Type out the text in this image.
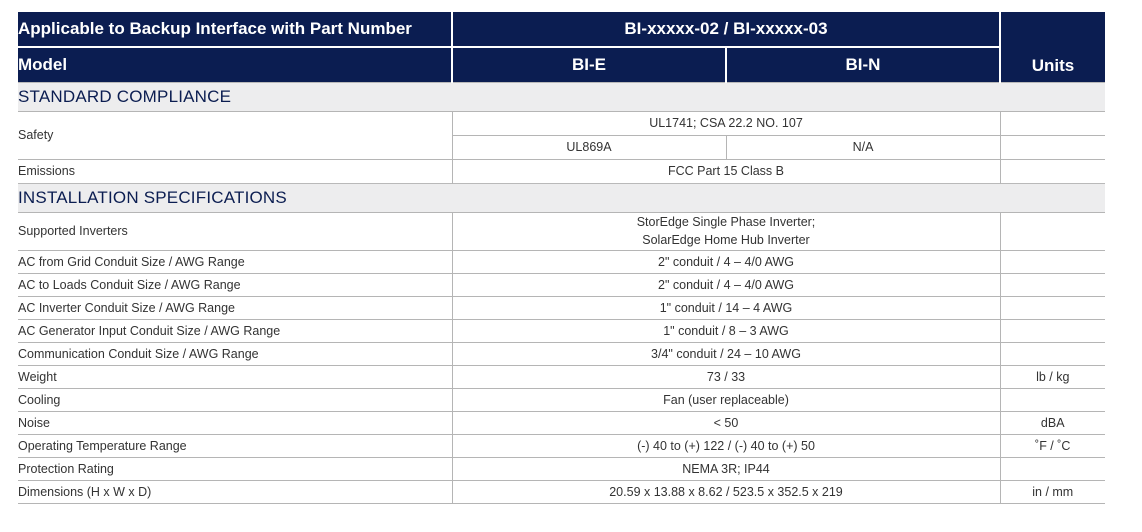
Applicable to Backup Interface with Part Number	BI-xxxxx-02 / BI-xxxxx-03		Units
Model	BI-E	BI-N	
STANDARD COMPLIANCE			
Safety	UL1741; CSA 22.2 NO. 107		
	UL869A	N/A	
Emissions	FCC Part 15 Class B		
INSTALLATION SPECIFICATIONS			
Supported Inverters	StorEdge Single Phase Inverter;
SolarEdge Home Hub Inverter		

AC from Grid Conduit Size / AWG Range	2" conduit / 4 – 4/0 AWG		
AC to Loads Conduit Size / AWG Range	2" conduit / 4 – 4/0 AWG		
AC Inverter Conduit Size / AWG Range	1" conduit / 14 – 4 AWG		
AC Generator Input Conduit Size / AWG Range	1" conduit / 8 – 3 AWG		
Communication Conduit Size / AWG Range	3/4" conduit / 24 – 10 AWG		
Weight	73 / 33		lb / kg
Cooling	Fan (user replaceable)		
Noise	< 50		dBA
Operating Temperature Range	(-) 40 to (+) 122 / (-) 40 to (+) 50		˚F / ˚C
Protection Rating	NEMA 3R; IP44		
Dimensions (H x W x D)	20.59 x 13.88 x 8.62 / 523.5 x 352.5 x 219		in / mm
